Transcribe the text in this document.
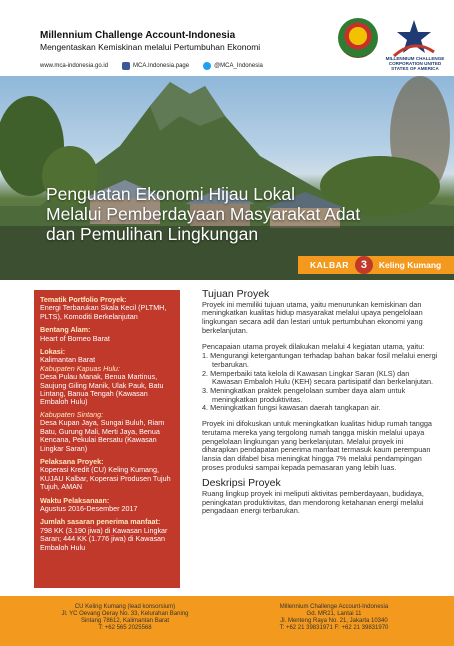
Millennium Challenge Account-Indonesia
Mengentaskan Kemiskinan melalui Pertumbuhan Ekonomi
www.mca-indonesia.go.id	MCA.Indonesia.page	@MCA_Indonesia
MILLENNIUM CHALLENGE CORPORATION UNITED STATES OF AMERICA
Penguatan Ekonomi Hijau Lokal
Melalui Pemberdayaan Masyarakat Adat
dan Pemulihan Lingkungan
KALBAR	3	Keling Kumang
Tematik Portfolio Proyek:
Energi Terbarukan Skala Kecil (PLTMH, PLTS), Komoditi Berkelanjutan
Bentang Alam:
Heart of Borneo Barat
Lokasi:
Kalimantan Barat
Kabupaten Kapuas Hulu:
Desa Pulau Manak, Benua Martinus, Saujung Giling Manik, Ulak Pauk, Batu Lintang, Banua Tengah (Kawasan Embaloh Hulu)
Kabupaten Sintang:
Desa Kupan Jaya, Sungai Buluh, Riam Batu, Gurung Mali, Merti Jaya, Benua Kencana, Pekulai Bersatu (Kawasan Lingkar Saran)
Pelaksana Proyek:
Koperasi Kredit (CU) Keling Kumang, KUJAU Kalbar, Koperasi Produsen Tujuh Tujuh, AMAN
Waktu Pelaksanaan:
Agustus 2016-Desember 2017
Jumlah sasaran penerima manfaat:
798 KK (3.190 jiwa) di Kawasan Lingkar Saran; 444 KK (1.776 jiwa) di Kawasan Embaloh Hulu
Tujuan Proyek

Proyek ini memiliki tujuan utama, yaitu menurunkan kemiskinan dan meningkatkan kualitas hidup masyarakat melalui upaya pengelolaan lingkungan secara adil dan lestari untuk pertumbuhan ekonomi yang berkelanjutan.

Pencapaian utama proyek dilakukan melalui 4 kegiatan utama, yaitu:

1. Mengurangi ketergantungan terhadap bahan bakar fosil melalui energi terbarukan.
2. Memperbaiki tata kelola di Kawasan Lingkar Saran (KLS) dan Kawasan Embaloh Hulu (KEH) secara partisipatif dan berkelanjutan.
3. Meningkatkan praktek pengelolaan sumber daya alam untuk meningkatkan produktivitas.
4. Meningkatkan fungsi kawasan daerah tangkapan air.

Proyek ini difokuskan untuk meningkatkan kualitas hidup rumah tangga terutama mereka yang tergolong rumah tangga miskin melalui upaya pengelolaan lingkungan yang berkelanjutan. Melalui proyek ini diharapkan pendapatan penerima manfaat termasuk kaum perempuan lansia dan difabel bisa meningkat hingga 7% melalui pendampingan proses produksi sampai kepada pemasaran yang lebih luas.

Deskripsi Proyek

Ruang lingkup proyek ini meliputi aktivitas pemberdayaan, budidaya, peningkatan produktivitas, dan mendorong ketahanan energi melalui pengadaan energi terbarukan.

CU Keling Kumang (lead konsorsium)
Jl. YC Oevang Oeray No. 33, Kelurahan Baning
Sintang 78612, Kalimantan Barat
T: +62 565 2025568
Millennium Challenge Account-Indonesia
Gd. MR21, Lantai 11
Jl. Menteng Raya No. 21, Jakarta 10340
T: +62 21 39831971 F: +62 21 39831970
